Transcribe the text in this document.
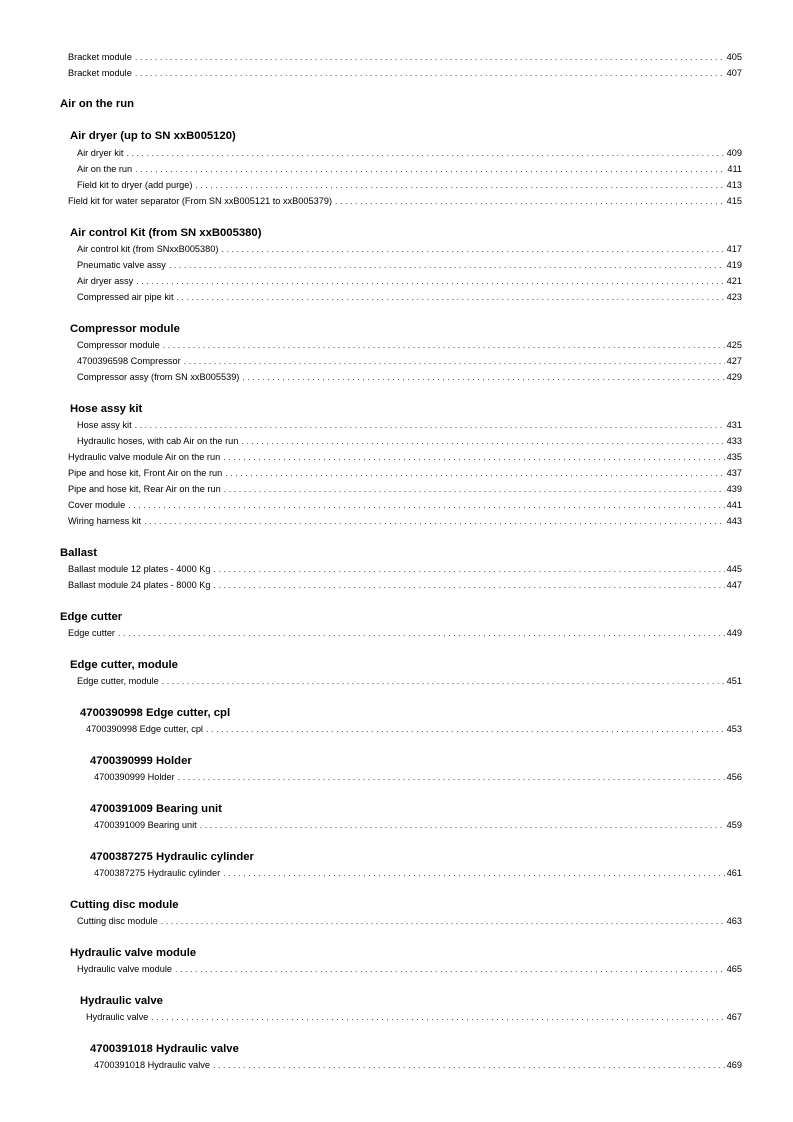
Bracket module . . .	405
Bracket module . . .	407
Air on the run
Air dryer (up to SN xxB005120)
Air dryer kit . . .	409
Air on the run . . .	411
Field kit to dryer (add purge) . . .	413
Field kit for water separator (From SN xxB005121 to xxB005379) . . .	415
Air control Kit (from SN xxB005380)
Air control kit (from SNxxB005380) . . .	417
Pneumatic valve assy . . .	419
Air dryer assy . . .	421
Compressed air pipe kit . . .	423
Compressor module
Compressor module . . .	425
4700396598 Compressor . . .	427
Compressor assy (from SN xxB005539) . . .	429
Hose assy kit
Hose assy kit . . .	431
Hydraulic hoses, with cab Air on the run . . .	433
Hydraulic valve module Air on the run . . .	435
Pipe and hose kit, Front Air on the run . . .	437
Pipe and hose kit, Rear Air on the run . . .	439
Cover module . . .	441
Wiring harness kit . . .	443
Ballast
Ballast module 12 plates - 4000 Kg . . .	445
Ballast module 24 plates - 8000 Kg . . .	447
Edge cutter
Edge cutter . . .	449
Edge cutter, module
Edge cutter, module . . .	451
4700390998 Edge cutter, cpl
4700390998 Edge cutter, cpl . . .	453
4700390999 Holder
4700390999 Holder . . .	456
4700391009 Bearing unit
4700391009 Bearing unit . . .	459
4700387275 Hydraulic cylinder
4700387275 Hydraulic cylinder . . .	461
Cutting disc module
Cutting disc module . . .	463
Hydraulic valve module
Hydraulic valve module . . .	465
Hydraulic valve
Hydraulic valve . . .	467
4700391018 Hydraulic valve
4700391018 Hydraulic valve . . .	469
